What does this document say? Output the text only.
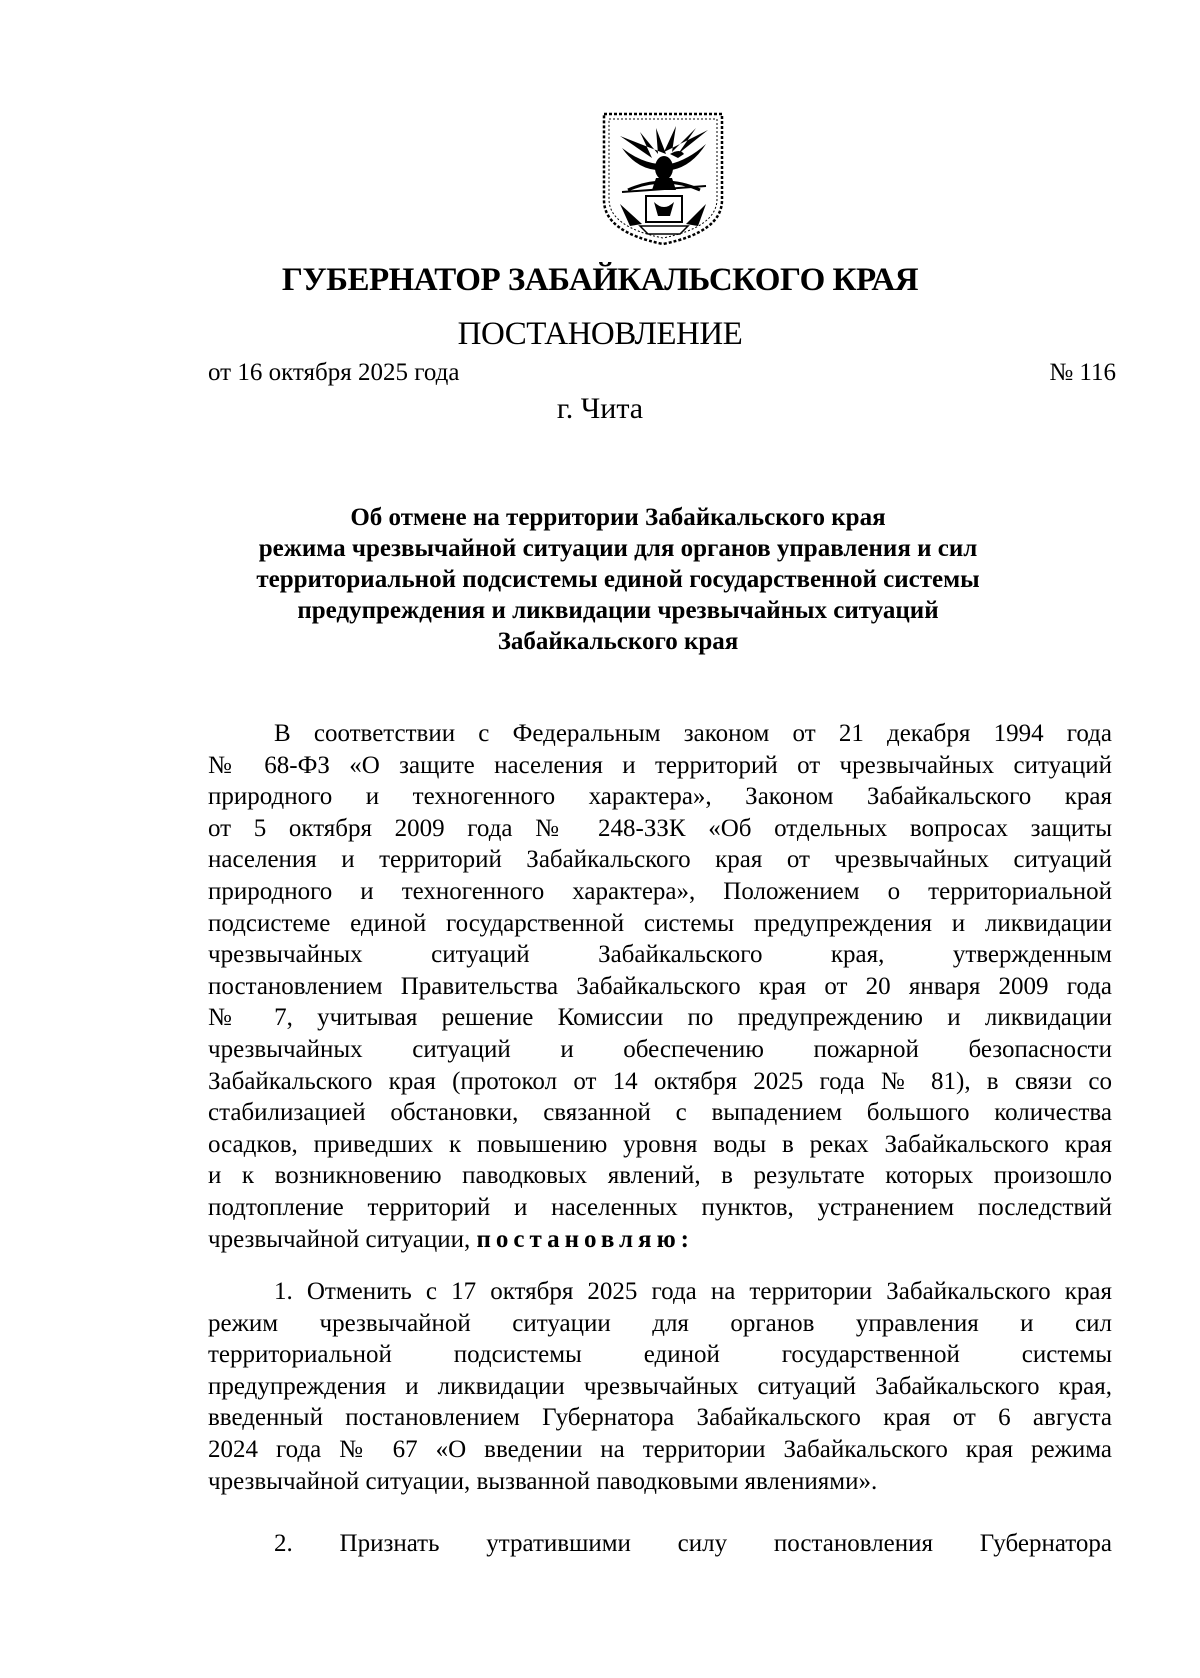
ГУБЕРНАТОР ЗАБАЙКАЛЬСКОГО КРАЯ
ПОСТАНОВЛЕНИЕ
от 16 октября 2025 года	№ 116
г. Чита
Об отмене на территории Забайкальского края
режима чрезвычайной ситуации для органов управления и сил
территориальной подсистемы единой государственной системы
предупреждения и ликвидации чрезвычайных ситуаций
Забайкальского края
В соответствии с Федеральным законом от 21 декабря 1994 года
№ 68-ФЗ «О защите населения и территорий от чрезвычайных ситуаций
природного и техногенного характера», Законом Забайкальского края
от 5 октября 2009 года № 248-ЗЗК «Об отдельных вопросах защиты
населения и территорий Забайкальского края от чрезвычайных ситуаций
природного и техногенного характера», Положением о территориальной
подсистеме единой государственной системы предупреждения и ликвидации
чрезвычайных ситуаций Забайкальского края, утвержденным
постановлением Правительства Забайкальского края от 20 января 2009 года
№ 7, учитывая решение Комиссии по предупреждению и ликвидации
чрезвычайных ситуаций и обеспечению пожарной безопасности
Забайкальского края (протокол от 14 октября 2025 года № 81), в связи со
стабилизацией обстановки, связанной с выпадением большого количества
осадков, приведших к повышению уровня воды в реках Забайкальского края
и к возникновению паводковых явлений, в результате которых произошло
подтопление территорий и населенных пунктов, устранением последствий
чрезвычайной ситуации, постановляю:
1. Отменить с 17 октября 2025 года на территории Забайкальского края
режим чрезвычайной ситуации для органов управления и сил
территориальной подсистемы единой государственной системы
предупреждения и ликвидации чрезвычайных ситуаций Забайкальского края,
введенный постановлением Губернатора Забайкальского края от 6 августа
2024 года № 67 «О введении на территории Забайкальского края режима
чрезвычайной ситуации, вызванной паводковыми явлениями».
2. Признать утратившими силу постановления Губернатора
